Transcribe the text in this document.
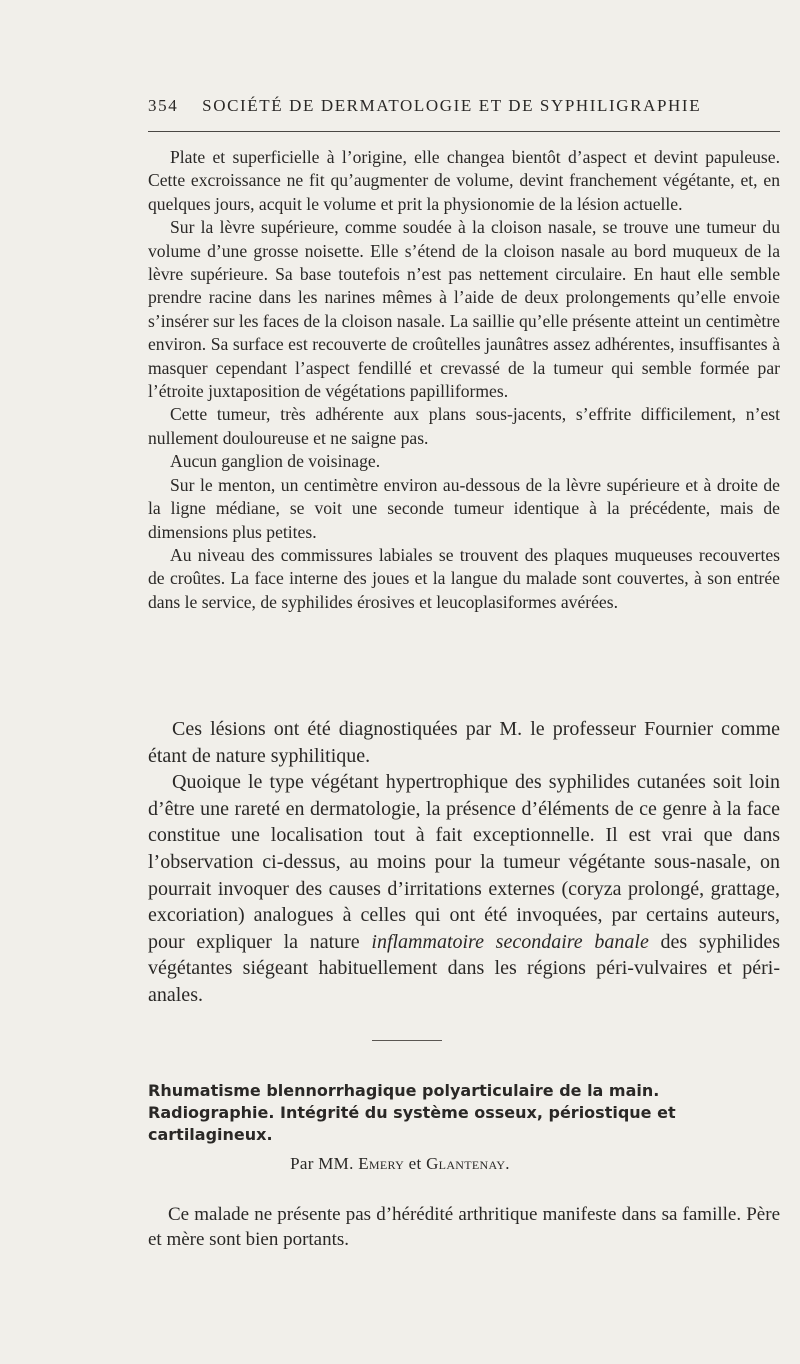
354 SOCIÉTÉ DE DERMATOLOGIE ET DE SYPHILIGRAPHIE

Plate et superficielle à l’origine, elle changea bientôt d’aspect et devint papuleuse. Cette excroissance ne fit qu’augmenter de volume, devint franchement végétante, et, en quelques jours, acquit le volume et prit la physionomie de la lésion actuelle.

Sur la lèvre supérieure, comme soudée à la cloison nasale, se trouve une tumeur du volume d’une grosse noisette. Elle s’étend de la cloison nasale au bord muqueux de la lèvre supérieure. Sa base toutefois n’est pas nettement circulaire. En haut elle semble prendre racine dans les narines mêmes à l’aide de deux prolongements qu’elle envoie s’insérer sur les faces de la cloison nasale. La saillie qu’elle présente atteint un centimètre environ. Sa surface est recouverte de croûtelles jaunâtres assez adhérentes, insuffisantes à masquer cependant l’aspect fendillé et crevassé de la tumeur qui semble formée par l’étroite juxtaposition de végétations papilliformes.

Cette tumeur, très adhérente aux plans sous-jacents, s’effrite difficilement, n’est nullement douloureuse et ne saigne pas.

Aucun ganglion de voisinage.

Sur le menton, un centimètre environ au-dessous de la lèvre supérieure et à droite de la ligne médiane, se voit une seconde tumeur identique à la précédente, mais de dimensions plus petites.

Au niveau des commissures labiales se trouvent des plaques muqueuses recouvertes de croûtes. La face interne des joues et la langue du malade sont couvertes, à son entrée dans le service, de syphilides érosives et leucoplasiformes avérées.

Ces lésions ont été diagnostiquées par M. le professeur Fournier comme étant de nature syphilitique.

Quoique le type végétant hypertrophique des syphilides cutanées soit loin d’être une rareté en dermatologie, la présence d’éléments de ce genre à la face constitue une localisation tout à fait exceptionnelle. Il est vrai que dans l’observation ci-dessus, au moins pour la tumeur végétante sous-nasale, on pourrait invoquer des causes d’irritations externes (coryza prolongé, grattage, excoriation) analogues à celles qui ont été invoquées, par certains auteurs, pour expliquer la nature inflammatoire secondaire banale des syphilides végétantes siégeant habituellement dans les régions péri-vulvaires et péri-anales.

Rhumatisme blennorrhagique polyarticulaire de la main. Radiographie. Intégrité du système osseux, périostique et cartilagineux.
Par MM. Emery et Glantenay.

Ce malade ne présente pas d’hérédité arthritique manifeste dans sa famille. Père et mère sont bien portants.
